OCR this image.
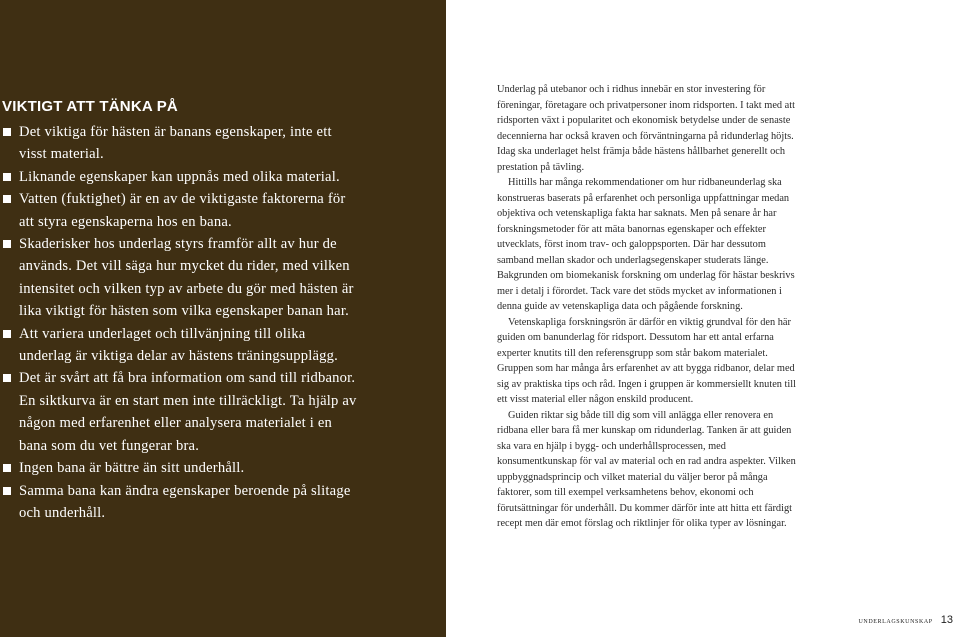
VIKTIGT ATT TÄNKA PÅ
Det viktiga för hästen är banans egenskaper, inte ett visst material.
Liknande egenskaper kan uppnås med olika material.
Vatten (fuktighet) är en av de viktigaste faktorerna för att styra egenskaperna hos en bana.
Skaderisker hos underlag styrs framför allt av hur de används. Det vill säga hur mycket du rider, med vilken intensitet och vilken typ av arbete du gör med hästen är lika viktigt för hästen som vilka egenskaper banan har.
Att variera underlaget och tillvänjning till olika underlag är viktiga delar av hästens träningsupplägg.
Det är svårt att få bra information om sand till ridbanor. En siktkurva är en start men inte tillräckligt. Ta hjälp av någon med erfarenhet eller analysera materialet i en bana som du vet fungerar bra.
Ingen bana är bättre än sitt underhåll.
Samma bana kan ändra egenskaper beroende på slitage och underhåll.

Underlag på utebanor och i ridhus innebär en stor investering för föreningar, företagare och privatpersoner inom ridsporten. I takt med att ridsporten växt i popularitet och ekonomisk betydelse under de senaste decennierna har också kraven och förväntningarna på ridunderlag höjts. Idag ska underlaget helst främja både hästens hållbarhet generellt och prestation på tävling.

Hittills har många rekommendationer om hur ridbaneunderlag ska konstrueras baserats på erfarenhet och personliga uppfattningar medan objektiva och vetenskapliga fakta har saknats. Men på senare år har forskningsmetoder för att mäta banornas egenskaper och effekter utvecklats, först inom trav- och galoppsporten. Där har dessutom samband mellan skador och underlagsegenskaper studerats länge. Bakgrunden om biomekanisk forskning om underlag för hästar beskrivs mer i detalj i förordet. Tack vare det stöds mycket av informationen i denna guide av vetenskapliga data och pågående forskning.

Vetenskapliga forskningsrön är därför en viktig grundval för den här guiden om banunderlag för ridsport. Dessutom har ett antal erfarna experter knutits till den referensgrupp som står bakom materialet. Gruppen som har många års erfarenhet av att bygga ridbanor, delar med sig av praktiska tips och råd. Ingen i gruppen är kommersiellt knuten till ett visst material eller någon enskild producent.

Guiden riktar sig både till dig som vill anlägga eller renovera en ridbana eller bara få mer kunskap om ridunderlag. Tanken är att guiden ska vara en hjälp i bygg- och underhållsprocessen, med konsumentkunskap för val av material och en rad andra aspekter. Vilken uppbyggnadsprincip och vilket material du väljer beror på många faktorer, som till exempel verksamhetens behov, ekonomi och förutsättningar för underhåll. Du kommer därför inte att hitta ett färdigt recept men där emot förslag och riktlinjer för olika typer av lösningar.

underlagskunskap 13
